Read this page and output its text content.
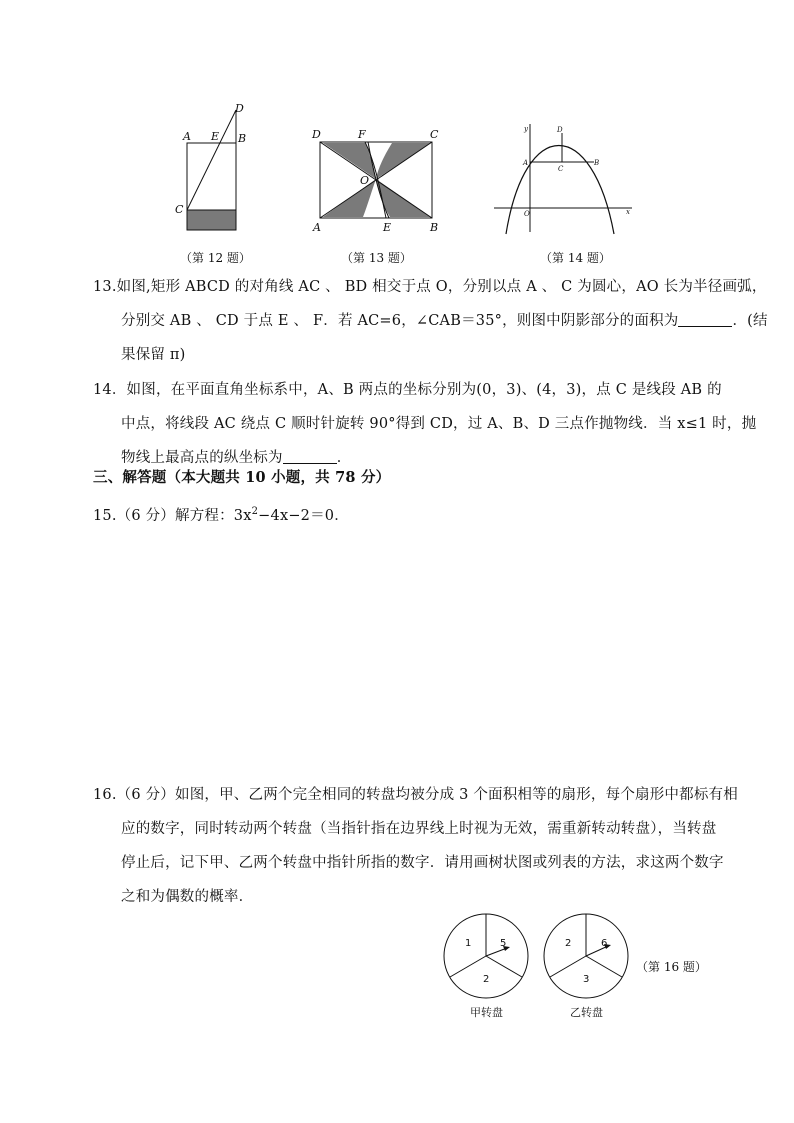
A E B
D
C
（第 12 题）
D	F	C
O
A	E	B
（第 13 题）
y	D
A
C
B
O	x
（第 14 题）
13.如图,矩形 ABCD 的对角线 AC 、 BD 相交于点 O，分别以点 A 、 C 为圆心，AO 长为半径画弧，
分别交 AB 、 CD 于点 E 、 F．若 AC=6，∠CAB＝35°，则图中阴影部分的面积为	．(结
果保留 π)
14．如图，在平面直角坐标系中，A、B 两点的坐标分别为(0，3)、(4，3)，点 C 是线段 AB 的
中点，将线段 AC 绕点 C 顺时针旋转 90°得到 CD，过 A、B、D 三点作抛物线．当 x≤1 时，抛
物线上最高点的纵坐标为	．
三、解答题（本大题共 10 小题，共 78 分）
15.（6 分）解方程：$3x^2-4x-2=0$．
16.（6 分）如图，甲、乙两个完全相同的转盘均被分成 3 个面积相等的扇形，每个扇形中都标有相
应的数字，同时转动两个转盘（当指针指在边界线上时视为无效，需重新转动转盘），当转盘
停止后，记下甲、乙两个转盘中指针所指的数字．请用画树状图或列表的方法，求这两个数字
之和为偶数的概率．
1	5
2
2	6
3
甲转盘	乙转盘
（第 16 题）
